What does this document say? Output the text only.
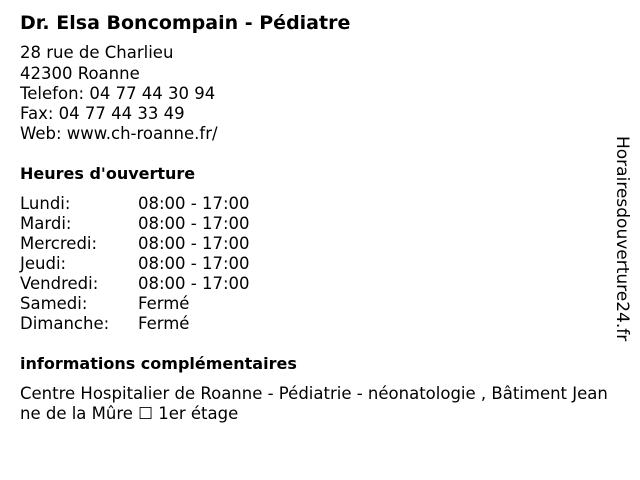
Dr. Elsa Boncompain - Pédiatre
28 rue de Charlieu
42300 Roanne
Telefon: 04 77 44 30 94
Fax: 04 77 44 33 49
Web: www.ch-roanne.fr/
Heures d'ouverture
Lundi:	08:00 - 17:00
Mardi:	08:00 - 17:00
Mercredi: 08:00 - 17:00
Jeudi:	08:00 - 17:00
Vendredi: 08:00 - 17:00
Samedi:	Fermé
Dimanche: Fermé
informations complémentaires
Centre Hospitalier de Roanne - Pédiatrie - néonatologie , Bâtiment Jeanne de la Mûre ☐ 1er étage
Horairesdouverture24.fr
